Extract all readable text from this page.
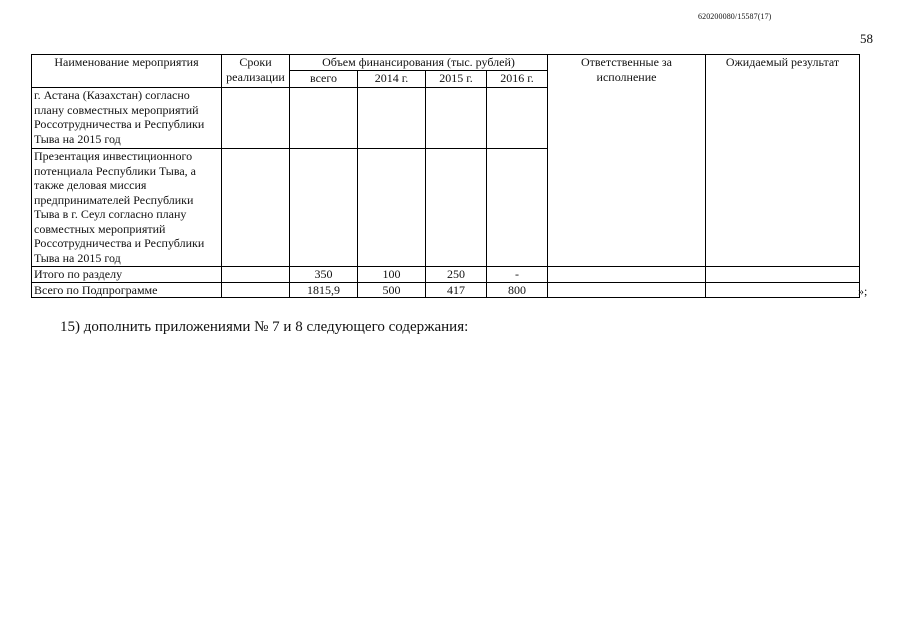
620200080/15587(17)
58
Наименование мероприятия	Сроки реализации	Объем финансирования (тыс. рублей)				Ответственные за исполнение	Ожидаемый результат
		всего	2014 г.	2015 г.	2016 г.		
г. Астана (Казахстан) согласно плану совместных мероприятий Россотрудничества и Республики Тыва на 2015 год							
Презентация инвестиционного потенциала Республики Тыва, а также деловая миссия предпринимателей Республики Тыва в г. Сеул согласно плану совместных мероприятий Россотрудничества и Республики Тыва на 2015 год							
Итого по разделу		350	100	250	-		
Всего по Подпрограмме		1815,9	500	417	800			»;
15) дополнить приложениями № 7 и 8 следующего содержания:
